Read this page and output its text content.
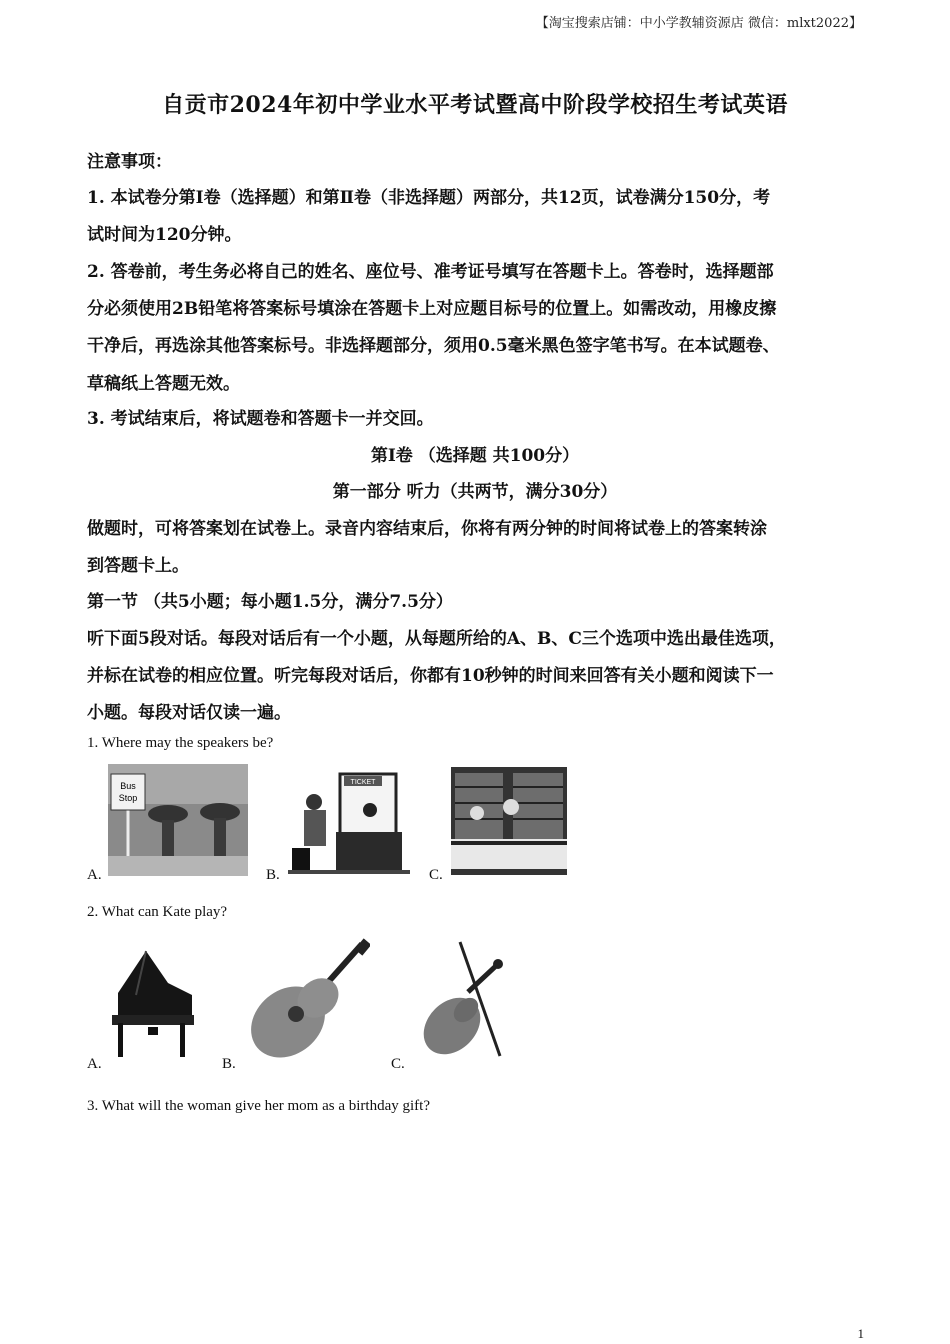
【淘宝搜索店铺：中小学教辅资源店 微信：mlxt2022】
自贡市2024年初中学业水平考试暨高中阶段学校招生考试英语
注意事项：
1. 本试卷分第Ⅰ卷（选择题）和第Ⅱ卷（非选择题）两部分，共12页，试卷满分150分，考
试时间为120分钟。
2. 答卷前，考生务必将自己的姓名、座位号、准考证号填写在答题卡上。答卷时，选择题部
分必须使用2B铅笔将答案标号填涂在答题卡上对应题目标号的位置上。如需改动，用橡皮擦
干净后，再选涂其他答案标号。非选择题部分，须用0.5毫米黑色签字笔书写。在本试题卷、
草稿纸上答题无效。
3. 考试结束后，将试题卷和答题卡一并交回。
第Ⅰ卷 （选择题 共100分）
第一部分 听力（共两节，满分30分）
做题时，可将答案划在试卷上。录音内容结束后，你将有两分钟的时间将试卷上的答案转涂
到答题卡上。
第一节 （共5小题；每小题1.5分，满分7.5分）
听下面5段对话。每段对话后有一个小题，从每题所给的A、B、C三个选项中选出最佳选项，
并标在试卷的相应位置。听完每段对话后，你都有10秒钟的时间来回答有关小题和阅读下一
小题。每段对话仅读一遍。
1. Where may the speakers be?
Bus
Stop
A.
TICKET
B.	C.
2. What can Kate play?
A.	B.	C.
3. What will the woman give her mom as a birthday gift?
1
